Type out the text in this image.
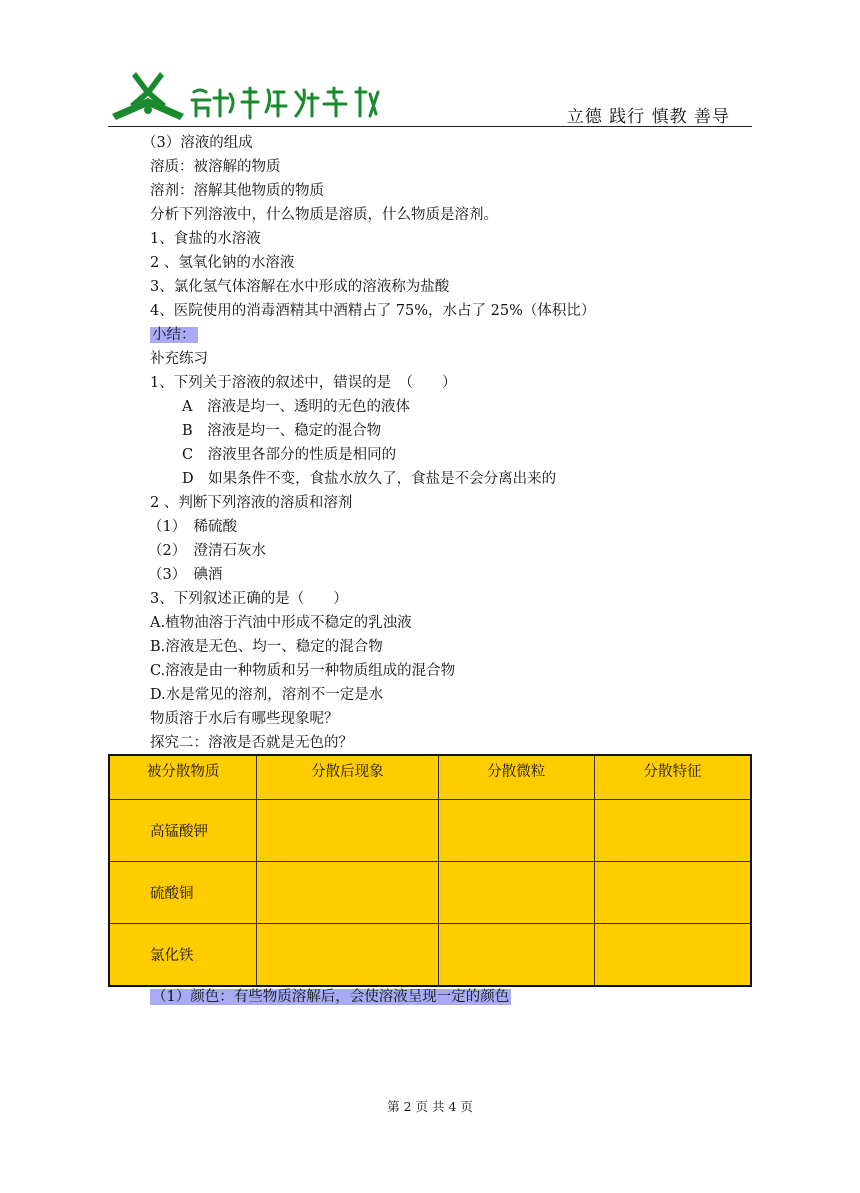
立德 践行 慎教 善导
（3）溶液的组成
溶质：被溶解的物质
溶剂：溶解其他物质的物质
分析下列溶液中，什么物质是溶质，什么物质是溶剂。
1、食盐的水溶液
2 、氢氧化钠的水溶液
3、氯化氢气体溶解在水中形成的溶液称为盐酸
4、医院使用的消毒酒精其中酒精占了 75%，水占了 25%（体积比）
小结：
补充练习
1、下列关于溶液的叙述中，错误的是　（　　）
A　溶液是均一、透明的无色的液体
B　溶液是均一、稳定的混合物
C　溶液里各部分的性质是相同的
D　如果条件不变，食盐水放久了，食盐是不会分离出来的
2 、判断下列溶液的溶质和溶剂
（1）　稀硫酸
（2）　澄清石灰水
（3）　碘酒
3、下列叙述正确的是（　　）
A.植物油溶于汽油中形成不稳定的乳浊液
B.溶液是无色、均一、稳定的混合物
C.溶液是由一种物质和另一种物质组成的混合物
D.水是常见的溶剂，溶剂不一定是水
物质溶于水后有哪些现象呢？
探究二：溶液是否就是无色的？
被分散物质	分散后现象	分散微粒	分散特征
高锰酸钾			
硫酸铜			
氯化铁			
（1）颜色：有些物质溶解后，会使溶液呈现一定的颜色
第 2 页 共 4 页
